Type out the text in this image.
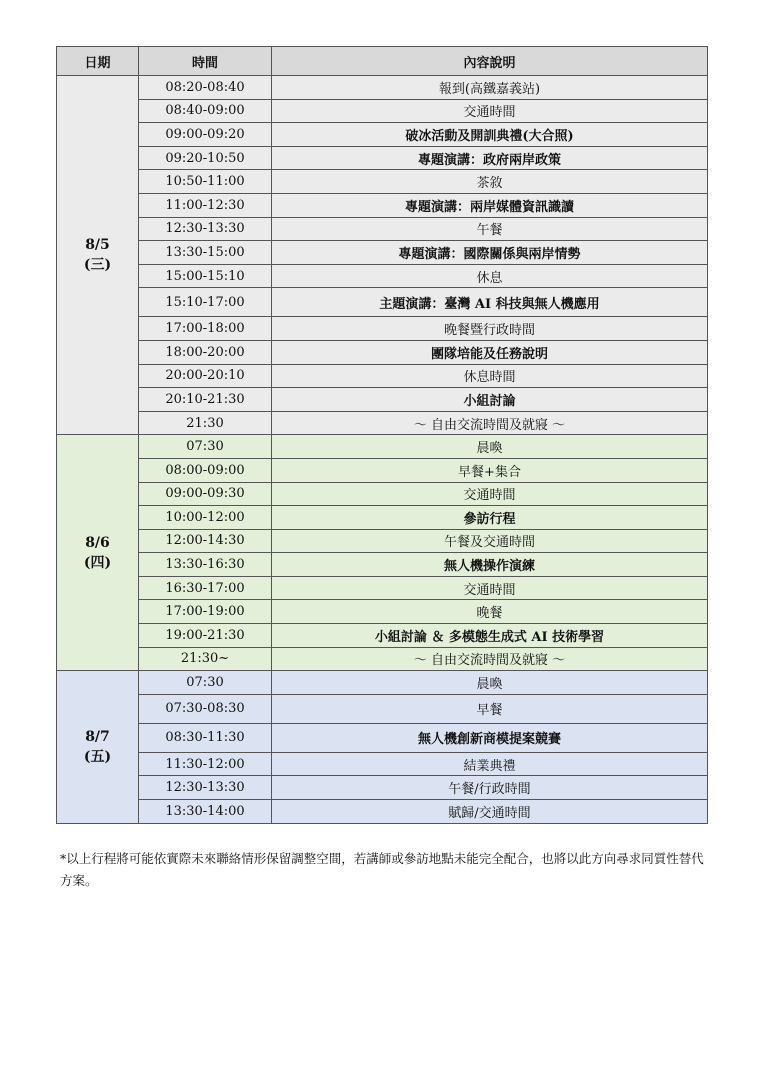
日期	時間	內容說明

8/5
(三)	08:20-08:40	報到(高鐵嘉義站)
	08:40-09:00	交通時間
	09:00-09:20	破冰活動及開訓典禮(大合照)
	09:20-10:50	專題演講：政府兩岸政策
	10:50-11:00	茶敘
	11:00-12:30	專題演講：兩岸媒體資訊識讀
	12:30-13:30	午餐
	13:30-15:00	專題演講：國際關係與兩岸情勢
	15:00-15:10	休息
	15:10-17:00	主題演講：臺灣 AI 科技與無人機應用
	17:00-18:00	晚餐暨行政時間
	18:00-20:00	團隊培能及任務說明
	20:00-20:10	休息時間
	20:10-21:30	小組討論
	21:30	～ 自由交流時間及就寢 ～

8/6
(四)	07:30	晨喚
	08:00-09:00	早餐+集合
	09:00-09:30	交通時間
	10:00-12:00	參訪行程
	12:00-14:30	午餐及交通時間
	13:30-16:30	無人機操作演練
	16:30-17:00	交通時間
	17:00-19:00	晚餐
	19:00-21:30	小組討論 ＆ 多模態生成式 AI 技術學習
	21:30~	～ 自由交流時間及就寢 ～

8/7
(五)	07:30	晨喚
	07:30-08:30	早餐
	08:30-11:30	無人機創新商模提案競賽
	11:30-12:00	結業典禮
	12:30-13:30	午餐/行政時間
	13:30-14:00	賦歸/交通時間
*以上行程將可能依實際未來聯絡情形保留調整空間，若講師或參訪地點未能完全配合，也將以此方向尋求同質性替代方案。
